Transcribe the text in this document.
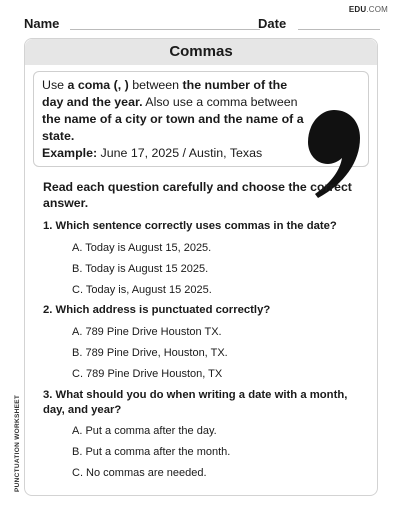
EDU.COM
Name	Date
Commas
Use a coma (, ) between the number of the day and the year. Also use a comma between the name of a city or town and the name of a state.
Example: June 17, 2025 / Austin, Texas
Read each question carefully and choose the correct answer.
1. Which sentence correctly uses commas in the date?
A. Today is August 15, 2025.
B. Today is August 15 2025.
C. Today is, August 15 2025.
2. Which address is punctuated correctly?
A. 789 Pine Drive Houston TX.
B. 789 Pine Drive, Houston, TX.
C. 789 Pine Drive Houston, TX
3. What should you do when writing a date with a month, day, and year?
A. Put a comma after the day.
B. Put a comma after the month.
C. No commas are needed.
PUNCTUATION WORKSHEET
